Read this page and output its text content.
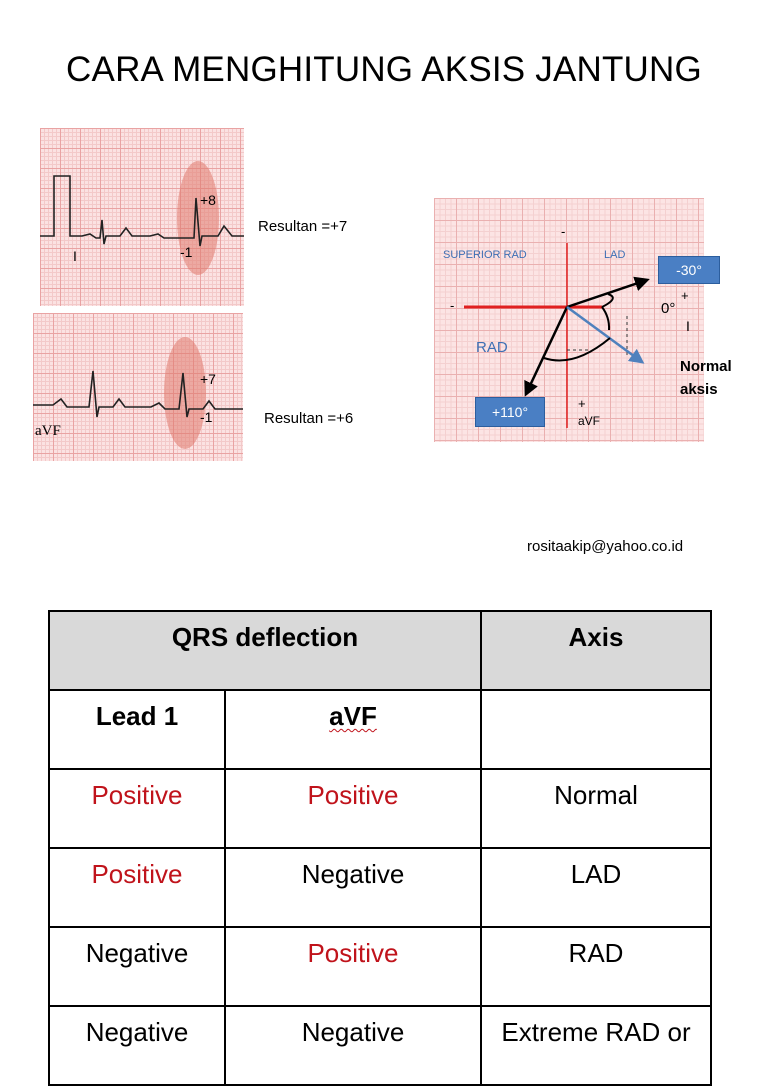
CARA MENGHITUNG AKSIS JANTUNG
I
+8
-1
Resultan =+7
aVF
+7
-1	Resultan =+6
-
SUPERIOR RAD	LAD
-
RAD
+
aVF
-30°
0°
+
I
Normal
aksis
+110°
rositaakip@yahoo.co.id
QRS deflection		Axis
Lead 1	aVF	
Positive	Positive	Normal
Positive	Negative	LAD
Negative	Positive	RAD
Negative	Negative	Extreme RAD or
